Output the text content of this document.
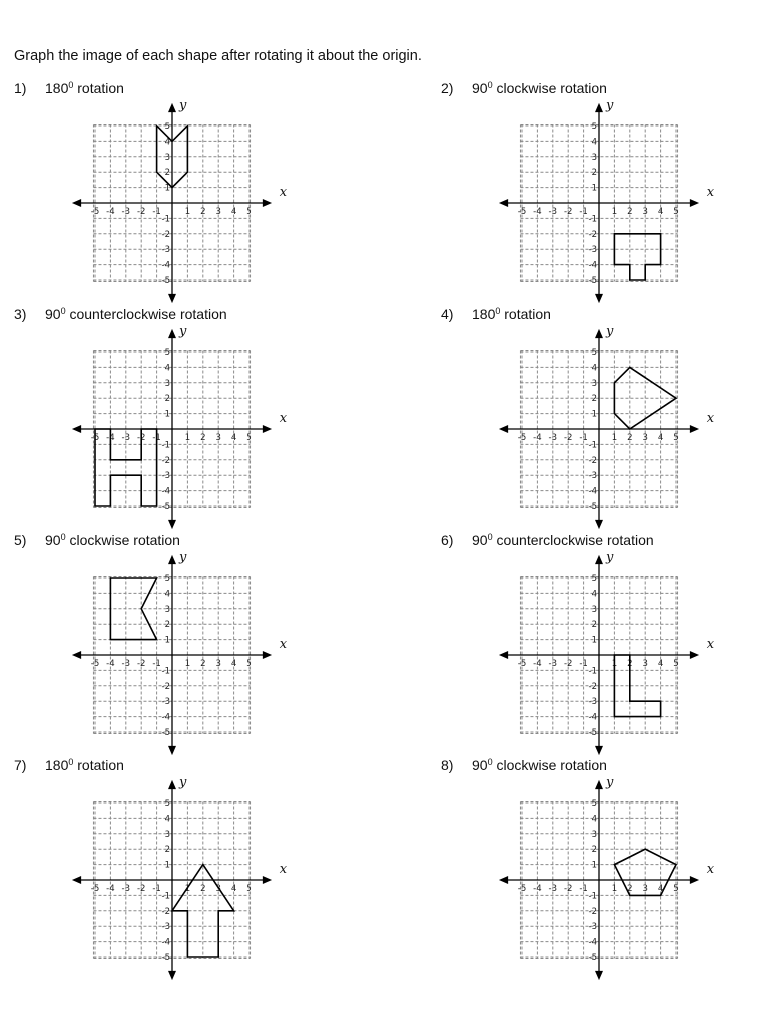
Graph the image of each shape after rotating it about the origin.
1) $180^0$ rotation
-5 -4 -3 -2 -1	1 2 3 4 5
5
4
3
2
1
-1
-2
-3
-4
-5
x
y
2) $90^0$ clockwise rotation
-5 -4 -3 -2 -1	1 2 3 4 5
5
4
3
2
1
-1
-2
-3
-4
-5
x
y
3) $90^0$ counterclockwise rotation
-5 -4 -3 -2 -1	1 2 3 4 5
5
4
3
2
1
-1
-2
-3
-4
-5
x
y
4) $180^0$ rotation
-5 -4 -3 -2 -1	1 2 3 4 5
5
4
3
2
1
-1
-2
-3
-4
-5
x
y
5) $90^0$ clockwise rotation
-5 -4 -3 -2 -1	1 2 3 4 5
5
4
3
2
1
-1
-2
-3
-4
-5
x
y
6) $90^0$ counterclockwise rotation
-5 -4 -3 -2 -1	1 2 3 4 5
5
4
3
2
1
-1
-2
-3
-4
-5
x
y
7) $180^0$ rotation
-5 -4 -3 -2 -1	1 2 3 4 5
5
4
3
2
1
-1
-2
-3
-4
-5
x
y
8) $90^0$ clockwise rotation
-5 -4 -3 -2 -1	1 2 3 4 5
5
4
3
2
1
-1
-2
-3
-4
-5
x
y
